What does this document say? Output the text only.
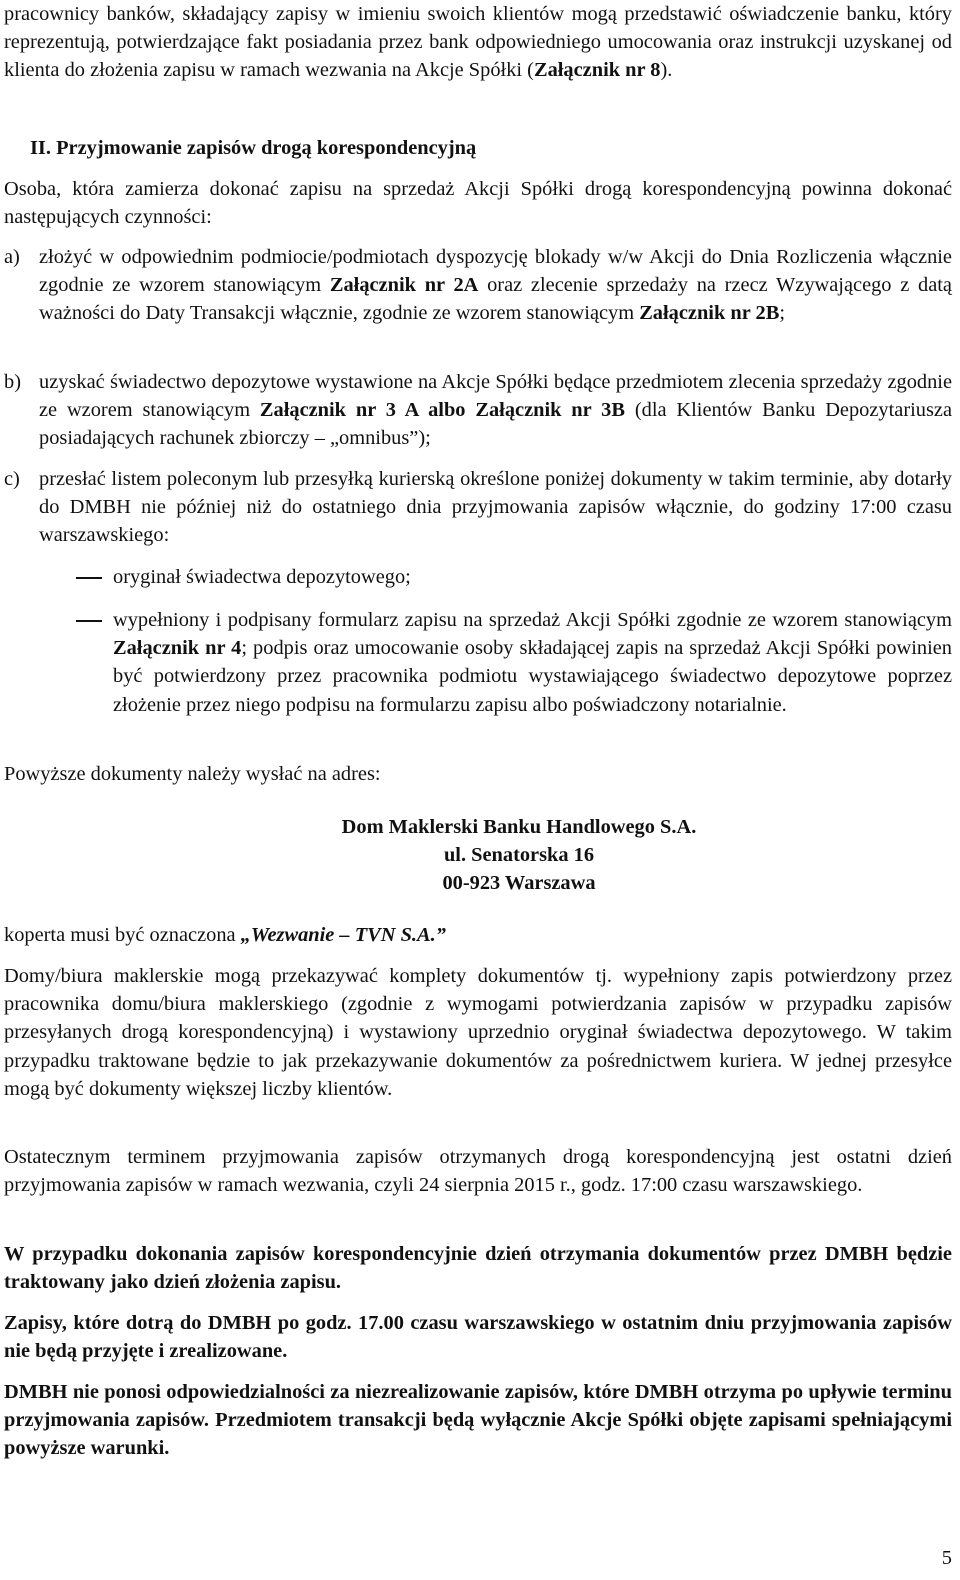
pracownicy banków, składający zapisy w imieniu swoich klientów mogą przedstawić oświadczenie banku, który reprezentują, potwierdzające fakt posiadania przez bank odpowiedniego umocowania oraz instrukcji uzyskanej od klienta do złożenia zapisu w ramach wezwania na Akcje Spółki (Załącznik nr 8).

II. Przyjmowanie zapisów drogą korespondencyjną

Osoba, która zamierza dokonać zapisu na sprzedaż Akcji Spółki drogą korespondencyjną powinna dokonać następujących czynności:

a) złożyć w odpowiednim podmiocie/podmiotach dyspozycję blokady w/w Akcji do Dnia Rozliczenia włącznie zgodnie ze wzorem stanowiącym Załącznik nr 2A oraz zlecenie sprzedaży na rzecz Wzywającego z datą ważności do Daty Transakcji włącznie, zgodnie ze wzorem stanowiącym Załącznik nr 2B;
b) uzyskać świadectwo depozytowe wystawione na Akcje Spółki będące przedmiotem zlecenia sprzedaży zgodnie ze wzorem stanowiącym Załącznik nr 3 A albo Załącznik nr 3B (dla Klientów Banku Depozytariusza posiadających rachunek zbiorczy – „omnibus”);
c) przesłać listem poleconym lub przesyłką kurierską określone poniżej dokumenty w takim terminie, aby dotarły do DMBH nie później niż do ostatniego dnia przyjmowania zapisów włącznie, do godziny 17:00 czasu warszawskiego:
oryginał świadectwa depozytowego;
wypełniony i podpisany formularz zapisu na sprzedaż Akcji Spółki zgodnie ze wzorem stanowiącym Załącznik nr 4; podpis oraz umocowanie osoby składającej zapis na sprzedaż Akcji Spółki powinien być potwierdzony przez pracownika podmiotu wystawiającego świadectwo depozytowe poprzez złożenie przez niego podpisu na formularzu zapisu albo poświadczony notarialnie.

Powyższe dokumenty należy wysłać na adres:

Dom Maklerski Banku Handlowego S.A.
ul. Senatorska 16
00-923 Warszawa

koperta musi być oznaczona „Wezwanie – TVN S.A.”

Domy/biura maklerskie mogą przekazywać komplety dokumentów tj. wypełniony zapis potwierdzony przez pracownika domu/biura maklerskiego (zgodnie z wymogami potwierdzania zapisów w przypadku zapisów przesyłanych drogą korespondencyjną) i wystawiony uprzednio oryginał świadectwa depozytowego. W takim przypadku traktowane będzie to jak przekazywanie dokumentów za pośrednictwem kuriera. W jednej przesyłce mogą być dokumenty większej liczby klientów.

Ostatecznym terminem przyjmowania zapisów otrzymanych drogą korespondencyjną jest ostatni dzień przyjmowania zapisów w ramach wezwania, czyli 24 sierpnia 2015 r., godz. 17:00 czasu warszawskiego.

W przypadku dokonania zapisów korespondencyjnie dzień otrzymania dokumentów przez DMBH będzie traktowany jako dzień złożenia zapisu.

Zapisy, które dotrą do DMBH po godz. 17.00 czasu warszawskiego w ostatnim dniu przyjmowania zapisów nie będą przyjęte i zrealizowane.

DMBH nie ponosi odpowiedzialności za niezrealizowanie zapisów, które DMBH otrzyma po upływie terminu przyjmowania zapisów. Przedmiotem transakcji będą wyłącznie Akcje Spółki objęte zapisami spełniającymi powyższe warunki.

5
